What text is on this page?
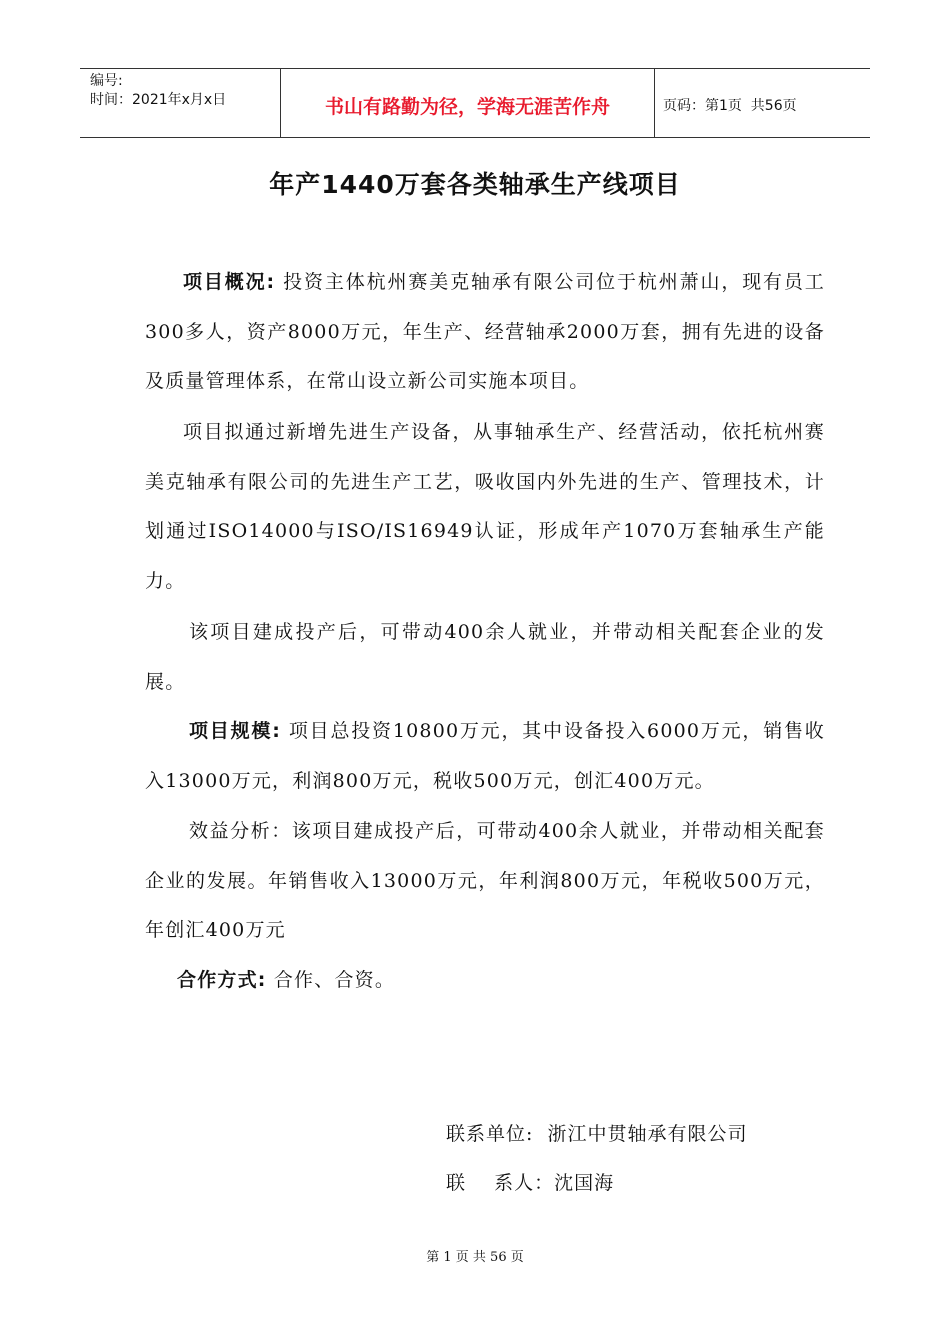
编号:
时间：2021年x月x日	书山有路勤为径，学海无涯苦作舟	页码：第1页  共56页
年产1440万套各类轴承生产线项目

项目概况: 投资主体杭州赛美克轴承有限公司位于杭州萧山，现有员工300多人，资产8000万元，年生产、经营轴承2000万套，拥有先进的设备及质量管理体系，在常山设立新公司实施本项目。

项目拟通过新增先进生产设备，从事轴承生产、经营活动，依托杭州赛美克轴承有限公司的先进生产工艺，吸收国内外先进的生产、管理技术，计划通过ISO14000与ISO/IS16949认证，形成年产1070万套轴承生产能力。

该项目建成投产后，可带动400余人就业，并带动相关配套企业的发展。

项目规模: 项目总投资10800万元，其中设备投入6000万元，销售收入13000万元，利润800万元，税收500万元，创汇400万元。

效益分析：该项目建成投产后，可带动400余人就业，并带动相关配套企业的发展。年销售收入13000万元，年利润800万元，年税收500万元，年创汇400万元

合作方式: 合作、合资。

联系单位:  浙江中贯轴承有限公司
联    系人：沈国海
第 1 页 共 56 页
